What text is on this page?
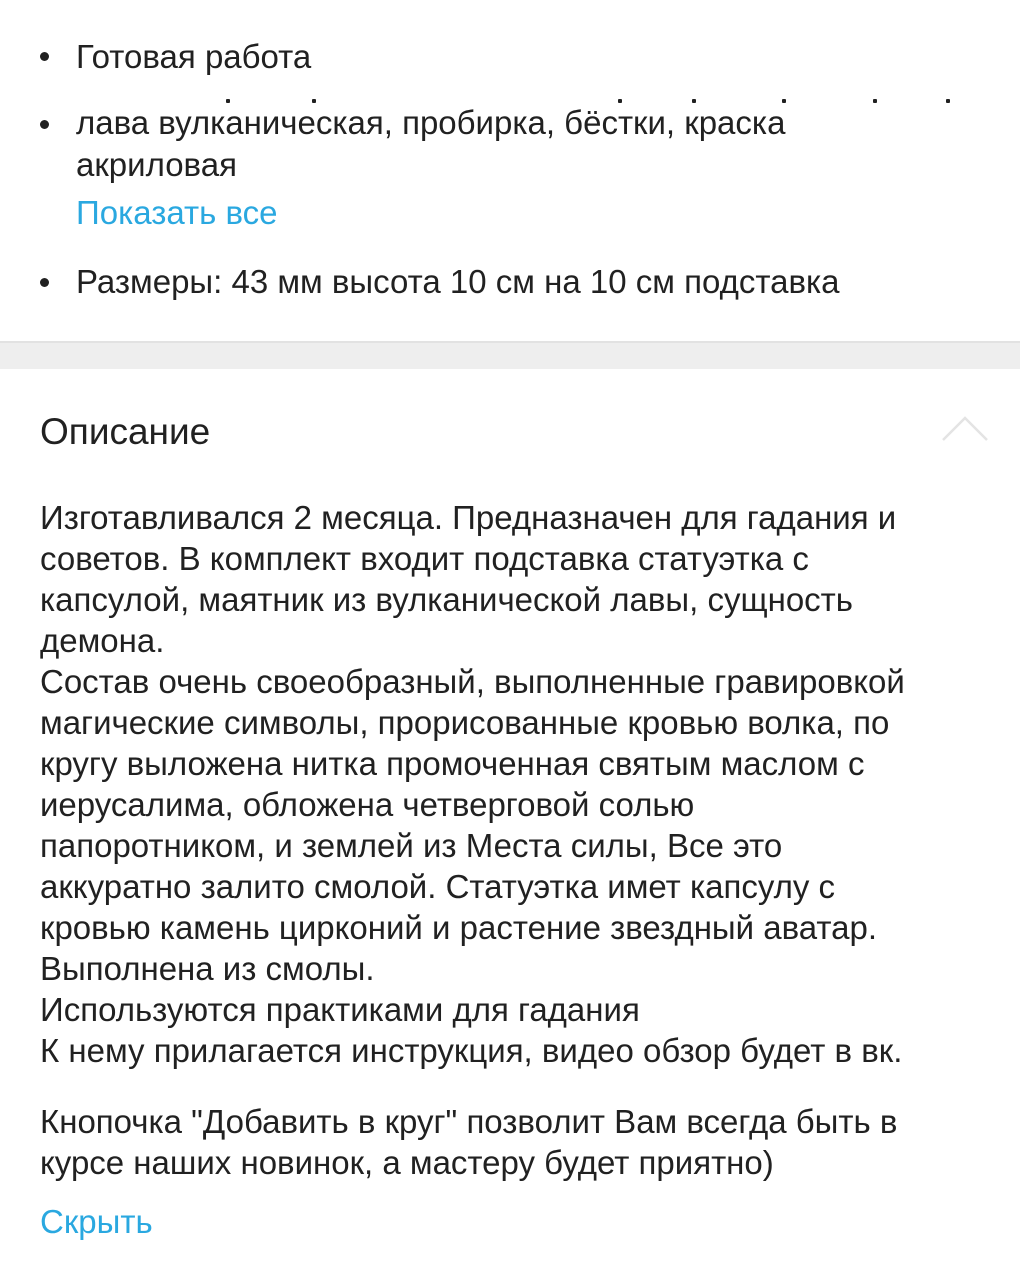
Готовая работа
лава вулканическая, пробирка, бёстки, краска
акриловая
Показать все
Размеры: 43 мм высота 10 см на 10 см подставка
Описание
Изготавливался 2 месяца. Предназначен для гадания и
советов. В комплект входит подставка статуэтка с
капсулой, маятник из вулканической лавы, сущность
демона.
Состав очень своеобразный, выполненные гравировкой
магические символы, прорисованные кровью волка, по
кругу выложена нитка промоченная святым маслом с
иерусалима, обложена четверговой солью
папоротником, и землей из Места силы, Все это
аккуратно залито смолой. Статуэтка имет капсулу с
кровью камень цирконий и растение звездный аватар.
Выполнена из смолы.
Используются практиками для гадания
К нему прилагается инструкция, видео обзор будет в вк.
Кнопочка "Добавить в круг" позволит Вам всегда быть в
курсе наших новинок, а мастеру будет приятно)
Скрыть
